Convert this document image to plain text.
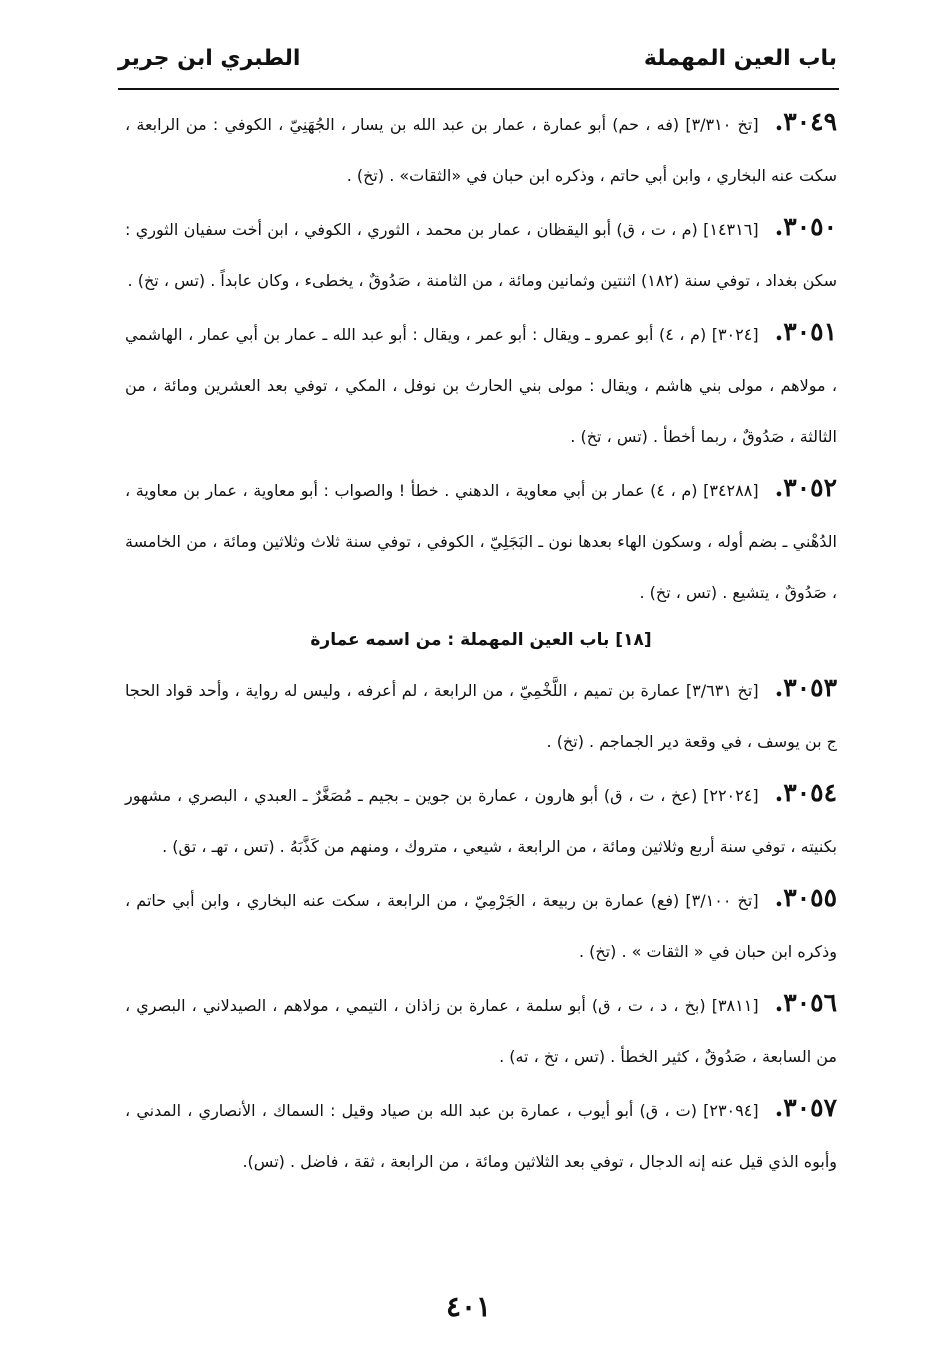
الطبري ابن جرير	باب العين المهملة

٣٠٤٩.[تخ ٣/٣١٠] (فه ، حم) أبو عمارة ، عمار بن عبد الله بن يسار ، الجُهَنِيّ ، الكوفي : من الرابعة ، سكت عنه البخاري ، وابن أبي حاتم ، وذكره ابن حبان في «الثقات» . (تخ) .

٣٠٥٠.[١٤٣١٦] (م ، ت ، ق) أبو اليقظان ، عمار بن محمد ، الثوري ، الكوفي ، ابن أخت سفيان الثوري : سكن بغداد ، توفي سنة (١٨٢) اثنتين وثمانين ومائة ، من الثامنة ، صَدُوقٌ ، يخطىء ، وكان عابداً . (تس ، تخ) .

٣٠٥١.[٣٠٢٤] (م ، ٤) أبو عمرو ـ ويقال : أبو عمر ، ويقال : أبو عبد الله ـ عمار بن أبي عمار ، الهاشمي ، مولاهم ، مولى بني هاشم ، ويقال : مولى بني الحارث بن نوفل ، المكي ، توفي بعد العشرين ومائة ، من الثالثة ، صَدُوقٌ ، ربما أخطأ . (تس ، تخ) .

٣٠٥٢.[٣٤٢٨٨] (م ، ٤) عمار بن أبي معاوية ، الدهني . خطأ ! والصواب : أبو معاوية ، عمار بن معاوية ، الدُهْني ـ بضم أوله ، وسكون الهاء بعدها نون ـ البَجَلِيّ ، الكوفي ، توفي سنة ثلاث وثلاثين ومائة ، من الخامسة ، صَدُوقٌ ، يتشيع . (تس ، تخ) .

[١٨] باب العين المهملة : من اسمه عمارة

٣٠٥٣.[تخ ٣/٦٣١] عمارة بن تميم ، اللَّخْمِيّ ، من الرابعة ، لم أعرفه ، وليس له رواية ، وأحد قواد الحجا ج بن يوسف ، في وقعة دير الجماجم . (تخ) .

٣٠٥٤.[٢٢٠٢٤] (عخ ، ت ، ق) أبو هارون ، عمارة بن جوين ـ بجيم ـ مُصَغَّرٌ ـ العبدي ، البصري ، مشهور بكنيته ، توفي سنة أربع وثلاثين ومائة ، من الرابعة ، شيعي ، متروك ، ومنهم من كَذَّبَهُ . (تس ، تهـ ، تق) .

٣٠٥٥.[تخ ٣/١٠٠] (فع) عمارة بن ربيعة ، الجَرْمِيّ ، من الرابعة ، سكت عنه البخاري ، وابن أبي حاتم ، وذكره ابن حبان في « الثقات » . (تخ) .

٣٠٥٦.[٣٨١١] (بخ ، د ، ت ، ق) أبو سلمة ، عمارة بن زاذان ، التيمي ، مولاهم ، الصيدلاني ، البصري ، من السابعة ، صَدُوقٌ ، كثير الخطأ . (تس ، تخ ، ته) .

٣٠٥٧.[٢٣٠٩٤] (ت ، ق) أبو أيوب ، عمارة بن عبد الله بن صياد وقيل : السماك ، الأنصاري ، المدني ، وأبوه الذي قيل عنه إنه الدجال ، توفي بعد الثلاثين ومائة ، من الرابعة ، ثقة ، فاضل . (تس).

٤٠١
